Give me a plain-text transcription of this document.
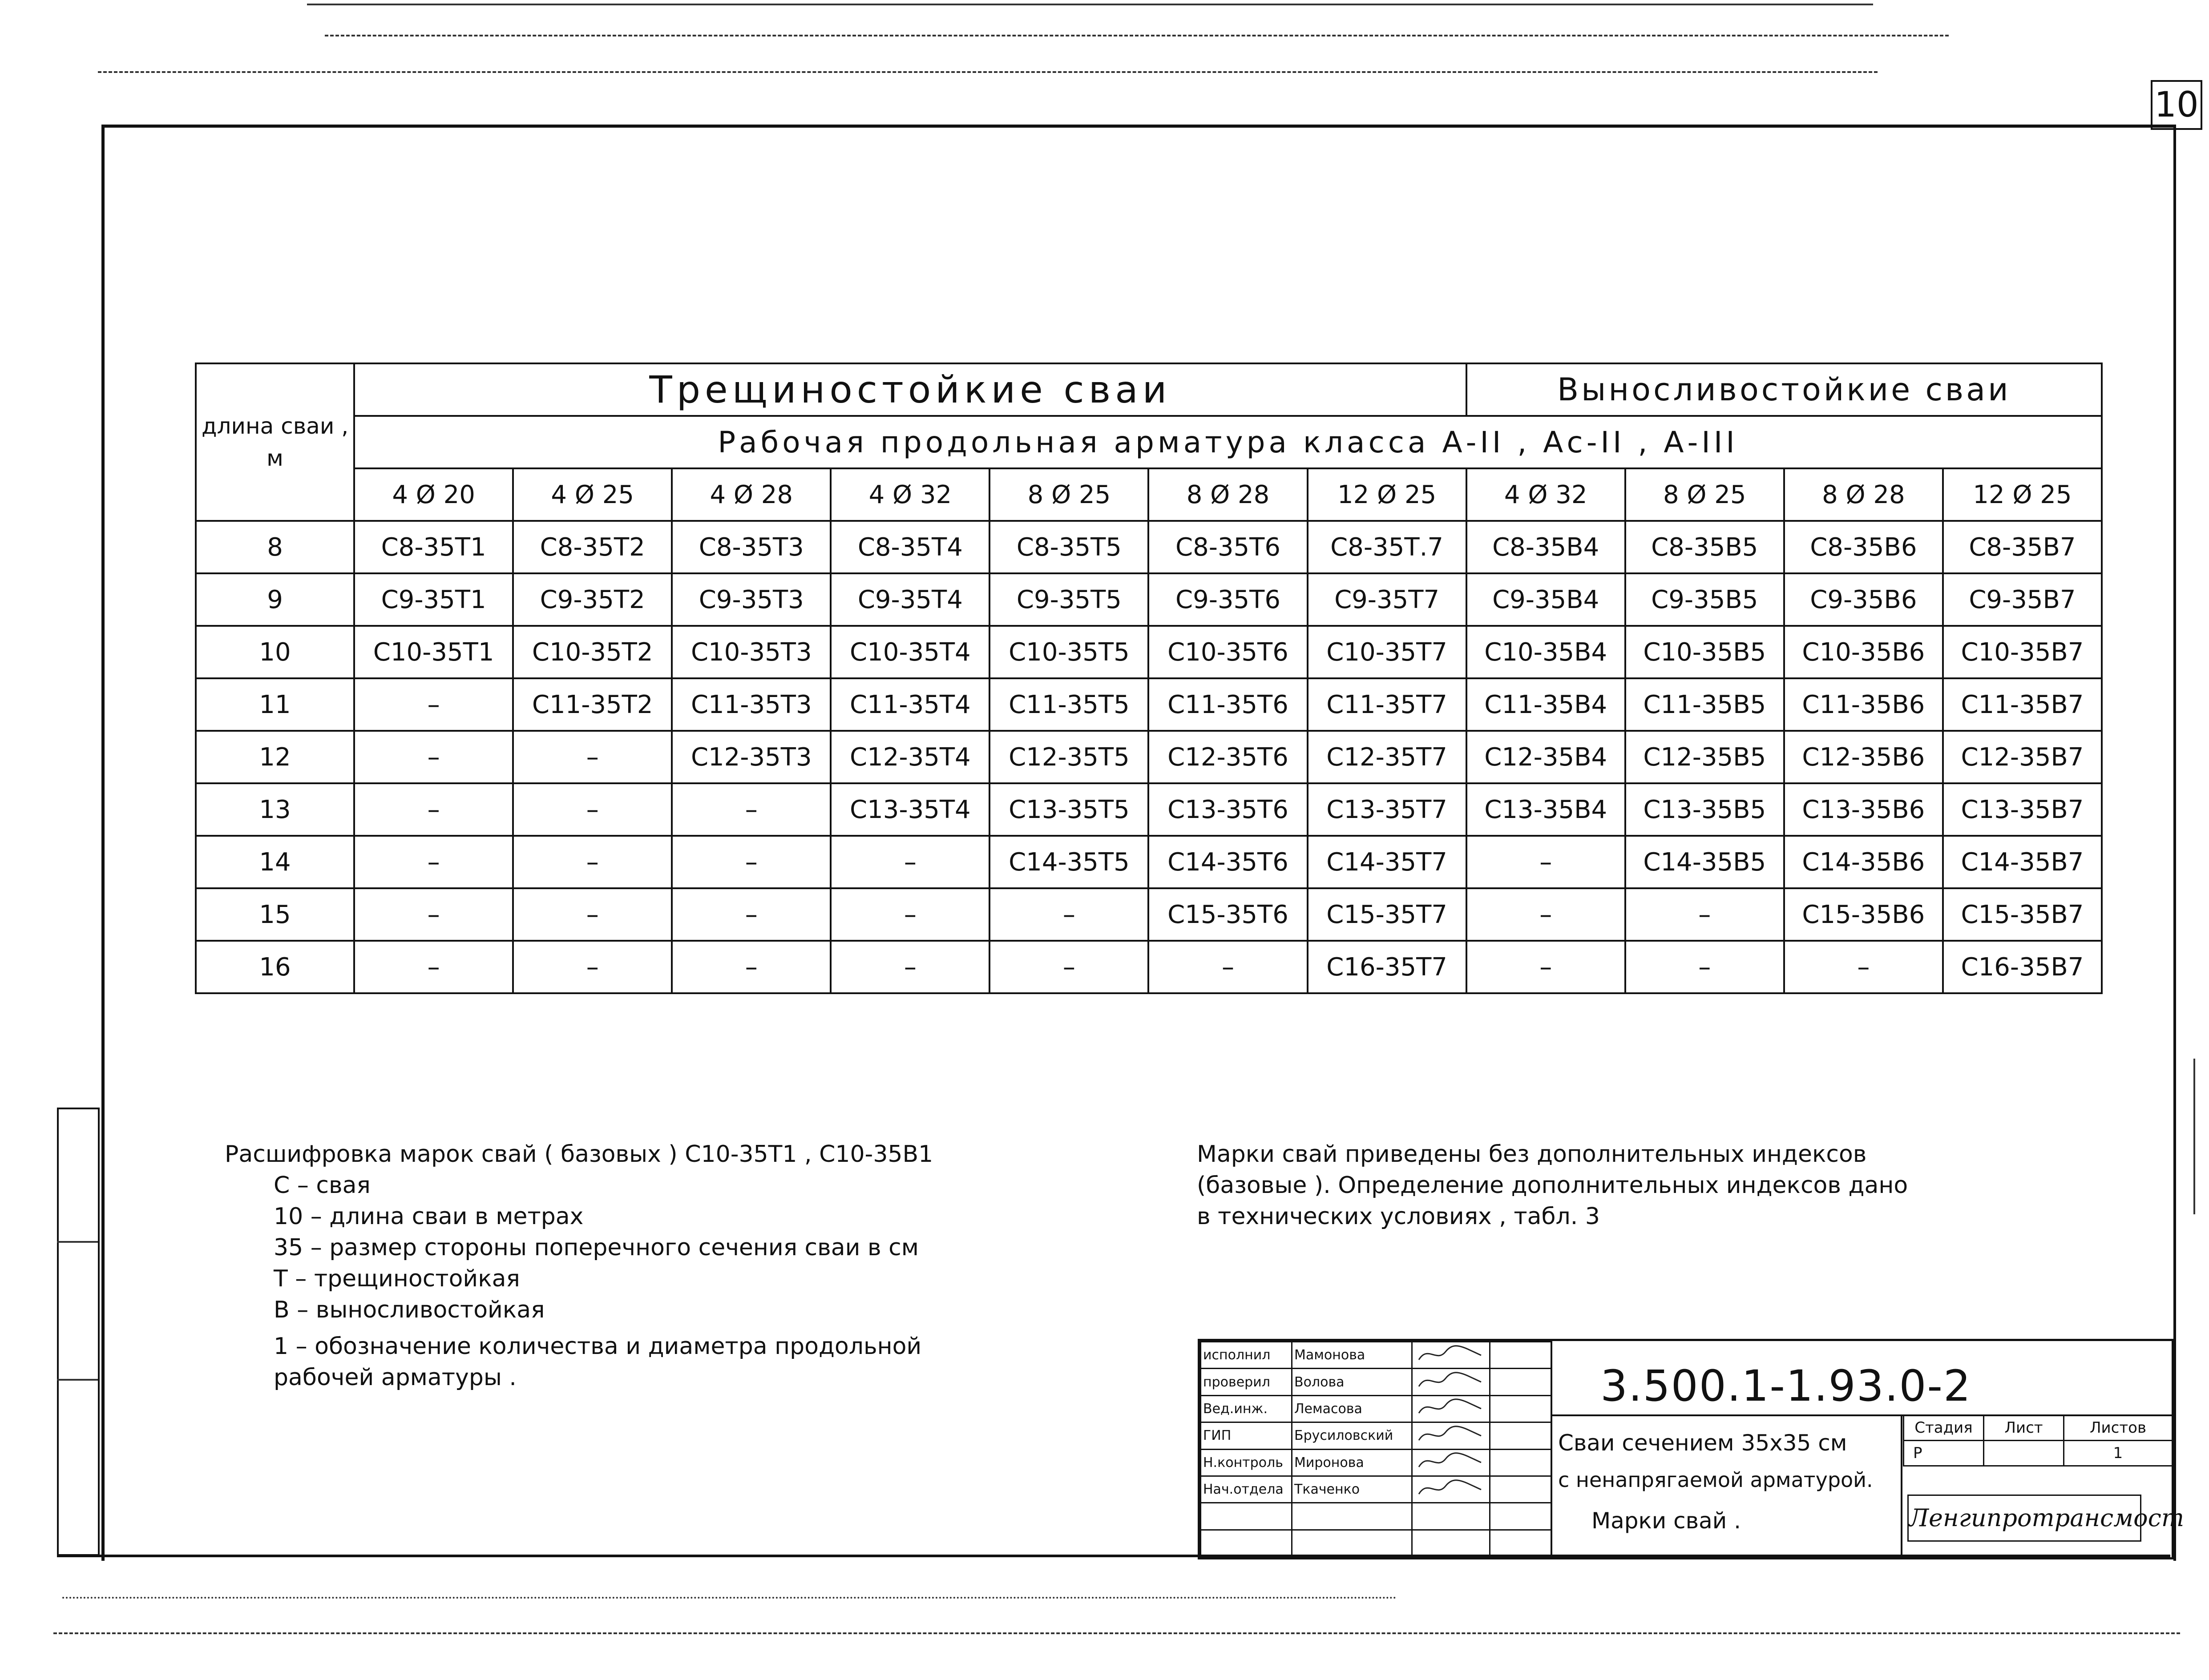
10
длина сваи , м	Трещиностойкие сваи							Выносливостойкие сваи			
	Рабочая продольная арматура класса А-II , Ас-II , А-III										
	4 Ø 20	4 Ø 25	4 Ø 28	4 Ø 32	8 Ø 25	8 Ø 28	12 Ø 25	4 Ø 32	8 Ø 25	8 Ø 28	12 Ø 25
8	С8-35Т1	С8-35Т2	С8-35Т3	С8-35Т4	С8-35Т5	С8-35Т6	С8-35Т.7	С8-35В4	С8-35В5	С8-35В6	С8-35В7
9	С9-35Т1	С9-35Т2	С9-35Т3	С9-35Т4	С9-35Т5	С9-35Т6	С9-35Т7	С9-35В4	С9-35В5	С9-35В6	С9-35В7
10	С10-35Т1	С10-35Т2	С10-35Т3	С10-35Т4	С10-35Т5	С10-35Т6	С10-35Т7	С10-35В4	С10-35В5	С10-35В6	С10-35В7
11	–	С11-35Т2	С11-35Т3	С11-35Т4	С11-35Т5	С11-35Т6	С11-35Т7	С11-35В4	С11-35В5	С11-35В6	С11-35В7
12	–	–	С12-35Т3	С12-35Т4	С12-35Т5	С12-35Т6	С12-35Т7	С12-35В4	С12-35В5	С12-35В6	С12-35В7
13	–	–	–	С13-35Т4	С13-35Т5	С13-35Т6	С13-35Т7	С13-35В4	С13-35В5	С13-35В6	С13-35В7
14	–	–	–	–	С14-35Т5	С14-35Т6	С14-35Т7	–	С14-35В5	С14-35В6	С14-35В7
15	–	–	–	–	–	С15-35Т6	С15-35Т7	–	–	С15-35В6	С15-35В7
16	–	–	–	–	–	–	С16-35Т7	–	–	–	С16-35В7
Расшифровка марок свай ( базовых ) С10-35Т1 , С10-35В1
С – свая
10 – длина сваи в метрах
35 – размер стороны поперечного сечения сваи в см
Т – трещиностойкая
В – выносливостойкая
1 – обозначение количества и диаметра продольной
рабочей арматуры .
Марки свай приведены без дополнительных индексов
(базовые ). Определение дополнительных индексов дано
в технических условиях , табл. 3
исполнил	Мамонова		
проверил	Волова		
Вед.инж.	Лемасова		
ГИП	Брусиловский		
Н.контроль	Миронова		
Нач.отдела	Ткаченко		

3.500.1-1.93.0-2
Сваи сечением 35х35 см
с ненапрягаемой арматурой.
Марки свай .
Стадия	Лист	Листов
Р		1
Ленгипротрансмост
